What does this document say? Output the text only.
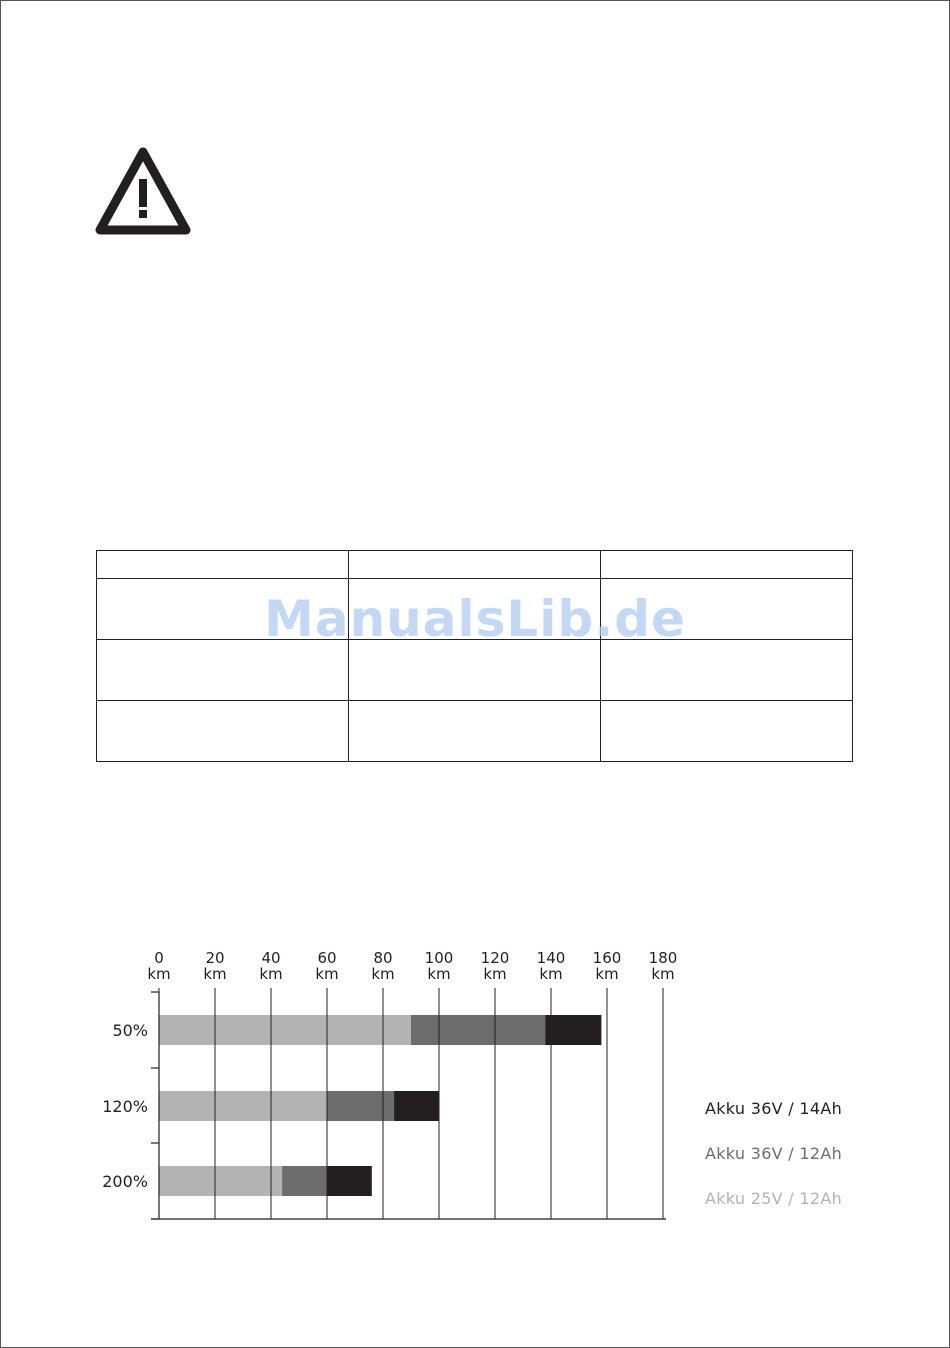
ManualsLib.de
0 km
20 km
40 km
60 km
80 km
100 km
120 km
140 km
160 km
180 km
50%
120%
200%
Akku 36V / 14Ah
Akku 36V / 12Ah
Akku 25V / 12Ah
